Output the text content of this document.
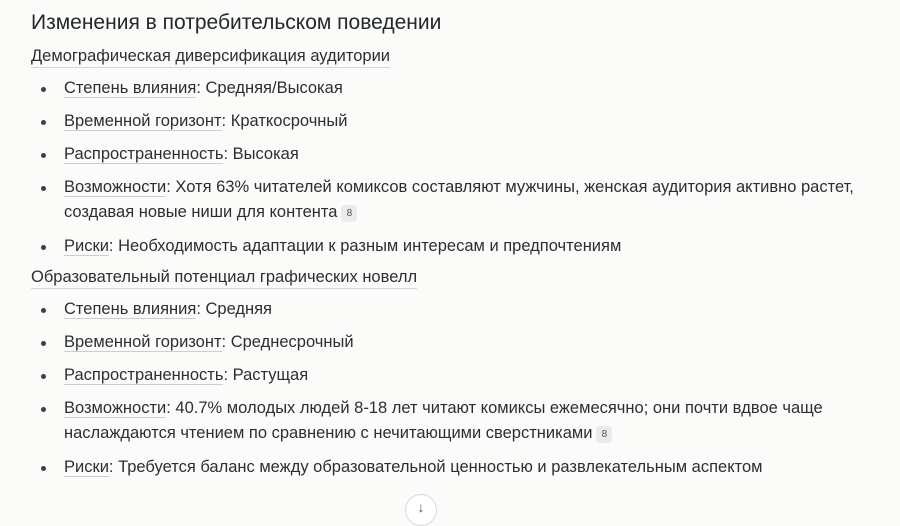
Изменения в потребительском поведении
Демографическая диверсификация аудитории
Степень влияния: Средняя/Высокая
Временной горизонт: Краткосрочный
Распространенность: Высокая
Возможности: Хотя 63% читателей комиксов составляют мужчины, женская аудитория активно растет, создавая новые ниши для контента 8
Риски: Необходимость адаптации к разным интересам и предпочтениям
Образовательный потенциал графических новелл
Степень влияния: Средняя
Временной горизонт: Среднесрочный
Распространенность: Растущая
Возможности: 40.7% молодых людей 8-18 лет читают комиксы ежемесячно; они почти вдвое чаще наслаждаются чтением по сравнению с нечитающими сверстниками 8
Риски: Требуется баланс между образовательной ценностью и развлекательным аспектом
↓
